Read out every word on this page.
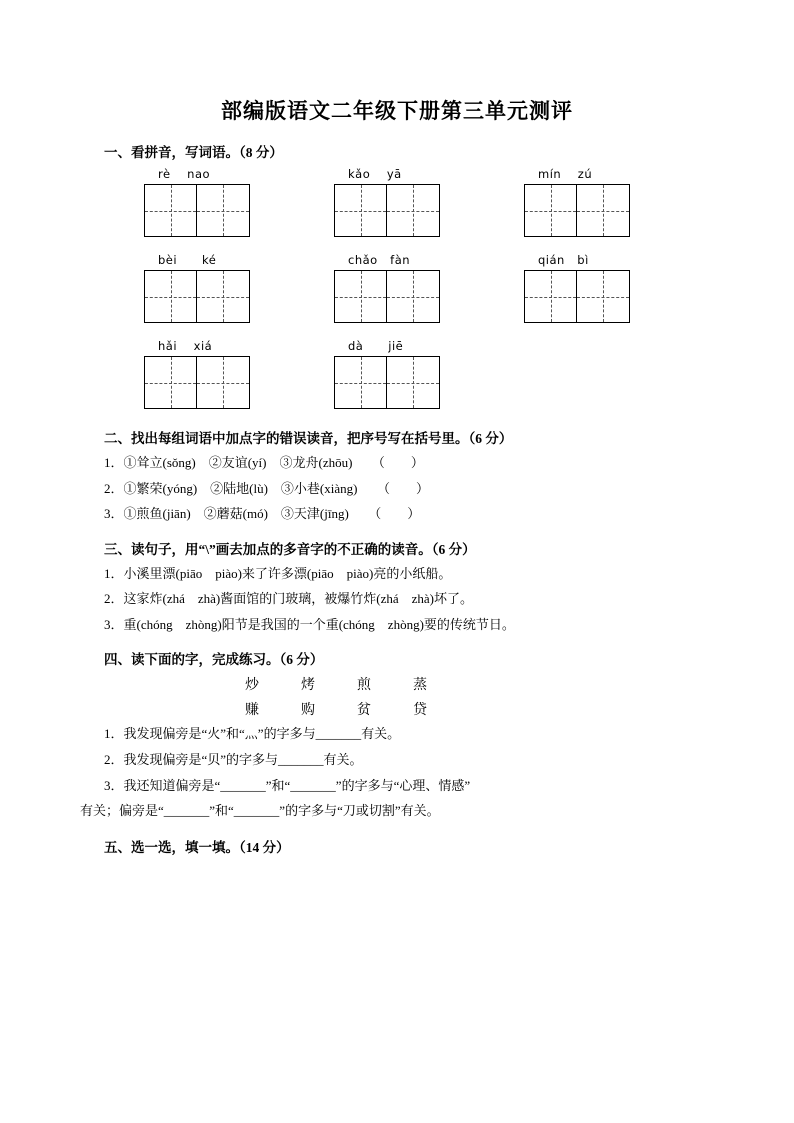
部编版语文二年级下册第三单元测评
一、看拼音，写词语。（8 分）
rè    nao	kǎo    yā	mín    zú
bèi      ké	chǎo   fàn	qián   bì
hǎi    xiá	dà      jiē
二、找出每组词语中加点字的错误读音，把序号写在括号里。（6 分）
1．①耸立(sǒng)　②友谊(yí)　③龙舟(zhōu)　　（　　）
2．①繁荣(yóng)　②陆地(lù)　③小巷(xiàng)　　（　　）
3．①煎鱼(jiān)　②蘑菇(mó)　③天津(jīng)　　（　　）
三、读句子，用“\”画去加点的多音字的不正确的读音。（6 分）
1．小溪里漂(piāo　piào)来了许多漂(piāo　piào)亮的小纸船。
2．这家炸(zhá　zhà)酱面馆的门玻璃，被爆竹炸(zhá　zhà)坏了。
3．重(chóng　zhòng)阳节是我国的一个重(chóng　zhòng)要的传统节日。
四、读下面的字，完成练习。（6 分）
炒	烤	煎	蒸
赚	购	贫	贷
1．我发现偏旁是“火”和“灬”的字多与_______有关。
2．我发现偏旁是“贝”的字多与_______有关。
3．我还知道偏旁是“_______”和“_______”的字多与“心理、情感”
有关；偏旁是“_______”和“_______”的字多与“刀或切割”有关。
五、选一选，填一填。（14 分）
